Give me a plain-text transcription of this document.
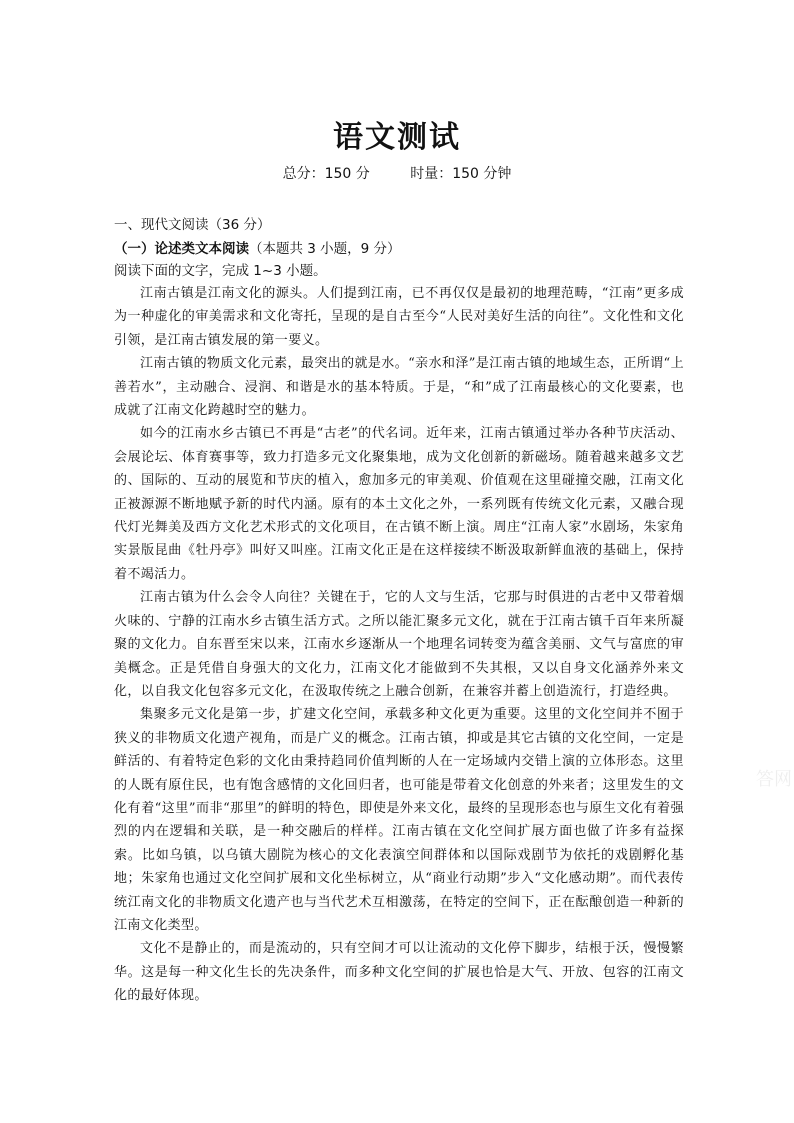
语文测试
总分：150 分	时量：150 分钟
一、现代文阅读（36 分）
（一）论述类文本阅读（本题共 3 小题，9 分）
阅读下面的文字，完成 1~3 小题。

江南古镇是江南文化的源头。人们提到江南，已不再仅仅是最初的地理范畴，“江南”更多成为一种虚化的审美需求和文化寄托，呈现的是自古至今“人民对美好生活的向往”。文化性和文化引领，是江南古镇发展的第一要义。

江南古镇的物质文化元素，最突出的就是水。“亲水和泽”是江南古镇的地域生态，正所谓“上善若水”，主动融合、浸润、和谐是水的基本特质。于是，“和”成了江南最核心的文化要素，也成就了江南文化跨越时空的魅力。

如今的江南水乡古镇已不再是“古老”的代名词。近年来，江南古镇通过举办各种节庆活动、会展论坛、体育赛事等，致力打造多元文化聚集地，成为文化创新的新磁场。随着越来越多文艺的、国际的、互动的展览和节庆的植入，愈加多元的审美观、价值观在这里碰撞交融，江南文化正被源源不断地赋予新的时代内涵。原有的本土文化之外，一系列既有传统文化元素，又融合现代灯光舞美及西方文化艺术形式的文化项目，在古镇不断上演。周庄“江南人家”水剧场，朱家角实景版昆曲《牡丹亭》叫好又叫座。江南文化正是在这样接续不断汲取新鲜血液的基础上，保持着不竭活力。

江南古镇为什么会令人向往？关键在于，它的人文与生活，它那与时俱进的古老中又带着烟火味的、宁静的江南水乡古镇生活方式。之所以能汇聚多元文化，就在于江南古镇千百年来所凝聚的文化力。自东晋至宋以来，江南水乡逐渐从一个地理名词转变为蕴含美丽、文气与富庶的审美概念。正是凭借自身强大的文化力，江南文化才能做到不失其根，又以自身文化涵养外来文化，以自我文化包容多元文化，在汲取传统之上融合创新，在兼容并蓄上创造流行，打造经典。

集聚多元文化是第一步，扩建文化空间，承载多种文化更为重要。这里的文化空间并不囿于狭义的非物质文化遗产视角，而是广义的概念。江南古镇，抑或是其它古镇的文化空间，一定是鲜活的、有着特定色彩的文化由秉持趋同价值判断的人在一定场域内交错上演的立体形态。这里的人既有原住民，也有饱含感情的文化回归者，也可能是带着文化创意的外来者；这里发生的文化有着“这里”而非“那里”的鲜明的特色，即使是外来文化，最终的呈现形态也与原生文化有着强烈的内在逻辑和关联，是一种交融后的样样。江南古镇在文化空间扩展方面也做了许多有益探索。比如乌镇，以乌镇大剧院为核心的文化表演空间群体和以国际戏剧节为依托的戏剧孵化基地；朱家角也通过文化空间扩展和文化坐标树立，从“商业行动期”步入“文化感动期”。而代表传统江南文化的非物质文化遗产也与当代艺术互相激荡，在特定的空间下，正在酝酿创造一种新的江南文化类型。

文化不是静止的，而是流动的，只有空间才可以让流动的文化停下脚步，结根于沃，慢慢繁华。这是每一种文化生长的先决条件，而多种文化空间的扩展也恰是大气、开放、包容的江南文化的最好体现。

答网
